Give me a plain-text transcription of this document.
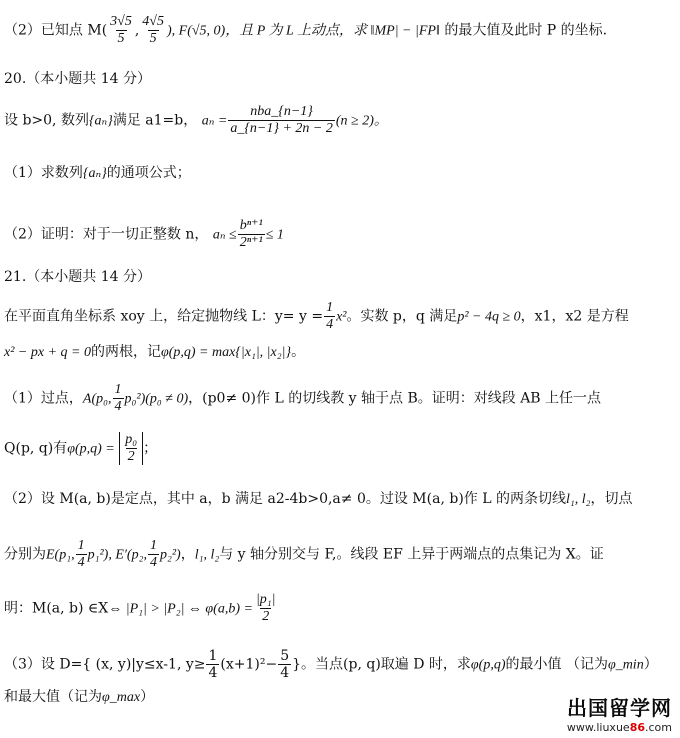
（2）已知点 $M( \frac{3√5}{5}$ , $\frac{4√5}{5}$ ), F(√5, 0)，且 P 为 L 上动点，求 ‖MP| − |FP‖ 的最大值及此时 P 的坐标.
20.（本小题共 14 分）
设 b>0, 数列{aₙ}满足 a1=b， $a_n = \frac{\text{nba\_\{n−1\}}}{a\_\{n-1\} + 2n - 2} (n \ge 2)$。
（1）求数列{aₙ}的通项公式；
（2）证明：对于一切正整数 n， $a_n \le \frac{\text{bⁿ⁺¹}}{\text{2ⁿ⁺¹}} \le 1$
21.（本小题共 14 分）
在平面直角坐标系 xoy 上，给定抛物线 L：$y= y = \frac{1}{4} x^2$。实数 p，q 满足p² − 4q ≥ 0，x1，x2 是方程
x² − px + q = 0的两根，记φ(p,q) = max{|x₁|, |x₂|}。
（1）过点，A(p₀, $\frac{1}{4} p_0^2)(p_0 \ne 0)$，(p0≠ 0)作 L 的切线教 y 轴于点 B。证明：对线段 AB 上任一点
Q(p, q)有$\varphi(p,q) = \frac{\text{p₀}}{2}$ ；
（2）设 M(a, b)是定点，其中 a，b 满足 a2-4b>0,a≠ 0。过设 M(a, b)作 L 的两条切线l₁, l₂，切点
分别为E(p₁, $\frac{1}{4} p_1^2$), E′(p₂, $\frac{1}{4} p_2^2$)，l₁, l₂与 y 轴分别交与 F,。线段 EF 上异于两端点的点集记为 X。证
明：M(a, b) ∈X⇔ |P₁| > |P₂| ⇔ $\varphi(a,b) = \frac{\text{|p₁|}}{2}$
（3）设 D={ (x, y)|y≤x-1, $y\ge \frac{1}{4} (x+1)^2- \frac{5}{4}$ }。当点(p, q)取遍 D 时，求φ(p,q)的最小值 （记为φ_min）
和最大值（记为φ_max）	出国留学网
www.liuxue86.com
